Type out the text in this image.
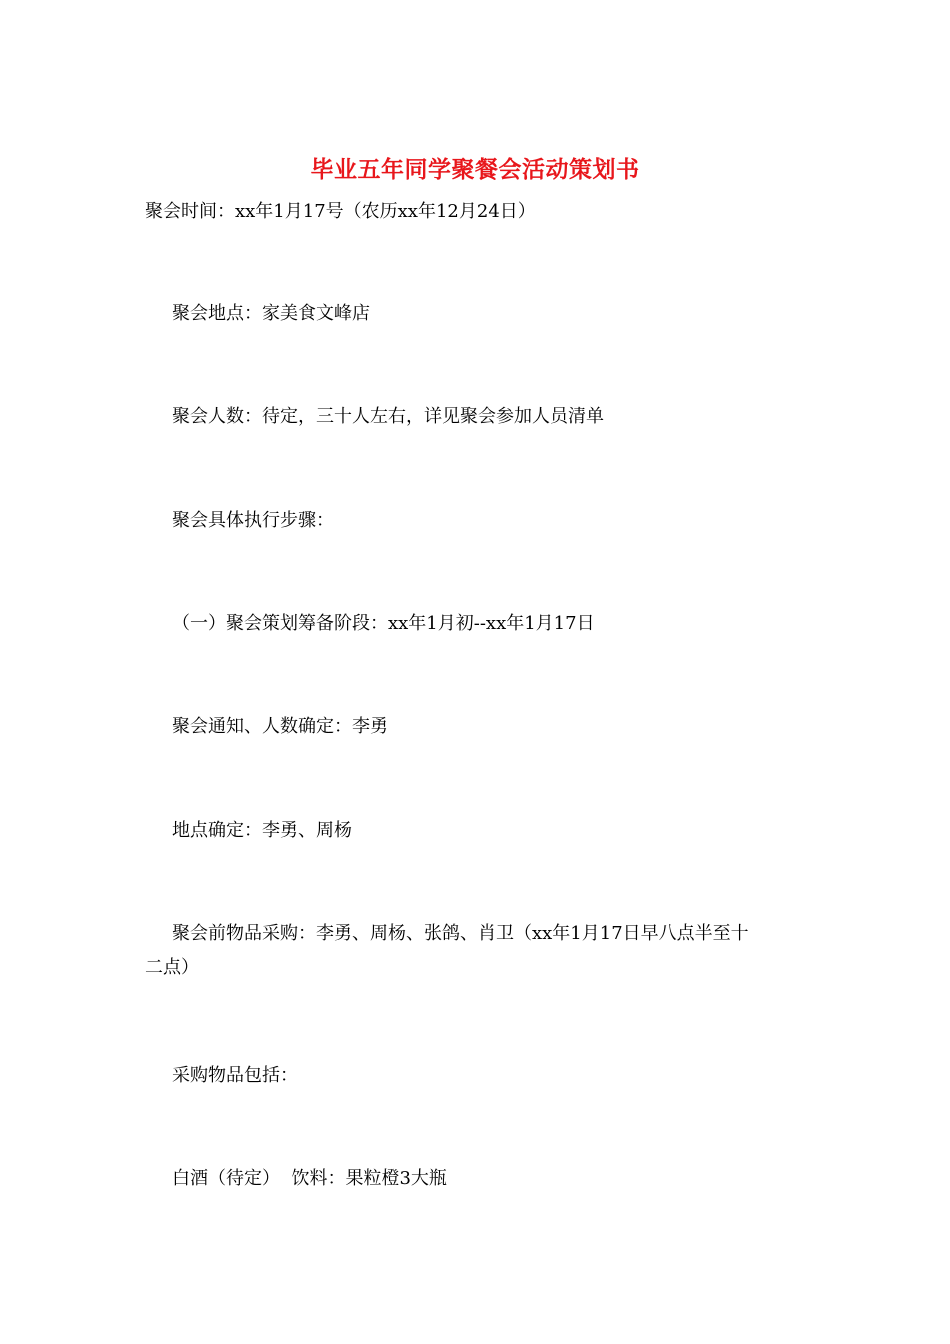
毕业五年同学聚餐会活动策划书
聚会时间：xx年1月17号（农历xx年12月24日）
聚会地点：家美食文峰店
聚会人数：待定，三十人左右，详见聚会参加人员清单
聚会具体执行步骤：
（一）聚会策划筹备阶段：xx年1月初--xx年1月17日
聚会通知、人数确定：李勇
地点确定：李勇、周杨
聚会前物品采购：李勇、周杨、张鸽、肖卫（xx年1月17日早八点半至十
二点）
采购物品包括：
白酒（待定）  饮料：果粒橙3大瓶
